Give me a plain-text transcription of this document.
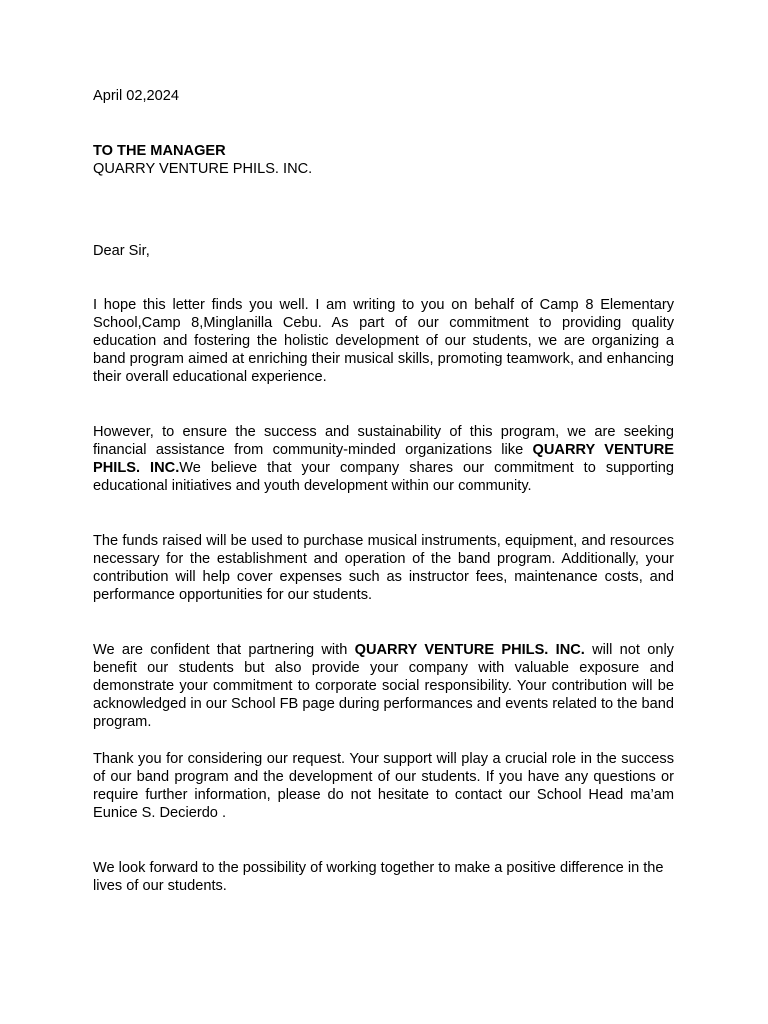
April 02,2024

TO THE MANAGER
QUARRY VENTURE PHILS. INC.

Dear Sir,

I hope this letter finds you well. I am writing to you on behalf of Camp 8 Elementary School,Camp 8,Minglanilla Cebu. As part of our commitment to providing quality education and fostering the holistic development of our students, we are organizing a band program aimed at enriching their musical skills, promoting teamwork, and enhancing their overall educational experience.

However, to ensure the success and sustainability of this program, we are seeking financial assistance from community-minded organizations like QUARRY VENTURE PHILS. INC.We believe that your company shares our commitment to supporting educational initiatives and youth development within our community.

The funds raised will be used to purchase musical instruments, equipment, and resources necessary for the establishment and operation of the band program. Additionally, your contribution will help cover expenses such as instructor fees, maintenance costs, and performance opportunities for our students.

We are confident that partnering with QUARRY VENTURE PHILS. INC. will not only benefit our students but also provide your company with valuable exposure and demonstrate your commitment to corporate social responsibility. Your contribution will be acknowledged in our School FB page during performances and events related to the band program.

Thank you for considering our request. Your support will play a crucial role in the success of our band program and the development of our students. If you have any questions or require further information, please do not hesitate to contact our School Head ma’am Eunice S. Decierdo .

We look forward to the possibility of working together to make a positive difference in the lives of our students.
